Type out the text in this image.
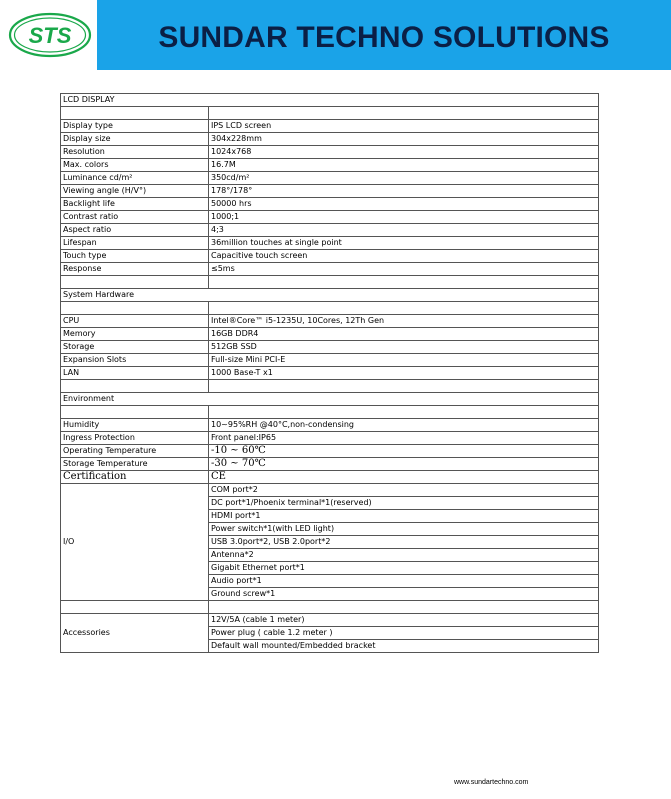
STS	SUNDAR TECHNO SOLUTIONS
LCD DISPLAY	

Display type	IPS LCD screen
Display size	304x228mm
Resolution	1024x768
Max. colors	16.7M
Luminance cd/m²	350cd/m²
Viewing angle (H/V°)	178°/178°
Backlight life	50000 hrs
Contrast ratio	1000;1
Aspect ratio	4;3
Lifespan	36million touches at single point
Touch type	Capacitive touch screen
Response	≤5ms

System Hardware	

CPU	Intel®Core™ i5-1235U, 10Cores, 12Th Gen
Memory	16GB DDR4
Storage	512GB SSD
Expansion Slots	Full-size Mini PCI-E
LAN	1000 Base-T x1

Environment	

Humidity	10~95%RH @40°C,non-condensing
Ingress Protection	Front panel:IP65
Operating Temperature	-10 ~ 60℃
Storage Temperature	-30 ~ 70℃
Certification	CE
I/O	COM port*2
	DC port*1/Phoenix terminal*1(reserved)
	HDMI port*1
	Power switch*1(with LED light)
	USB 3.0port*2, USB 2.0port*2
	Antenna*2
	Gigabit Ethernet port*1
	Audio port*1
	Ground screw*1

Accessories	12V/5A (cable 1 meter)
	Power plug ( cable 1.2 meter )
	Default wall mounted/Embedded bracket
www.sundartechno.com
